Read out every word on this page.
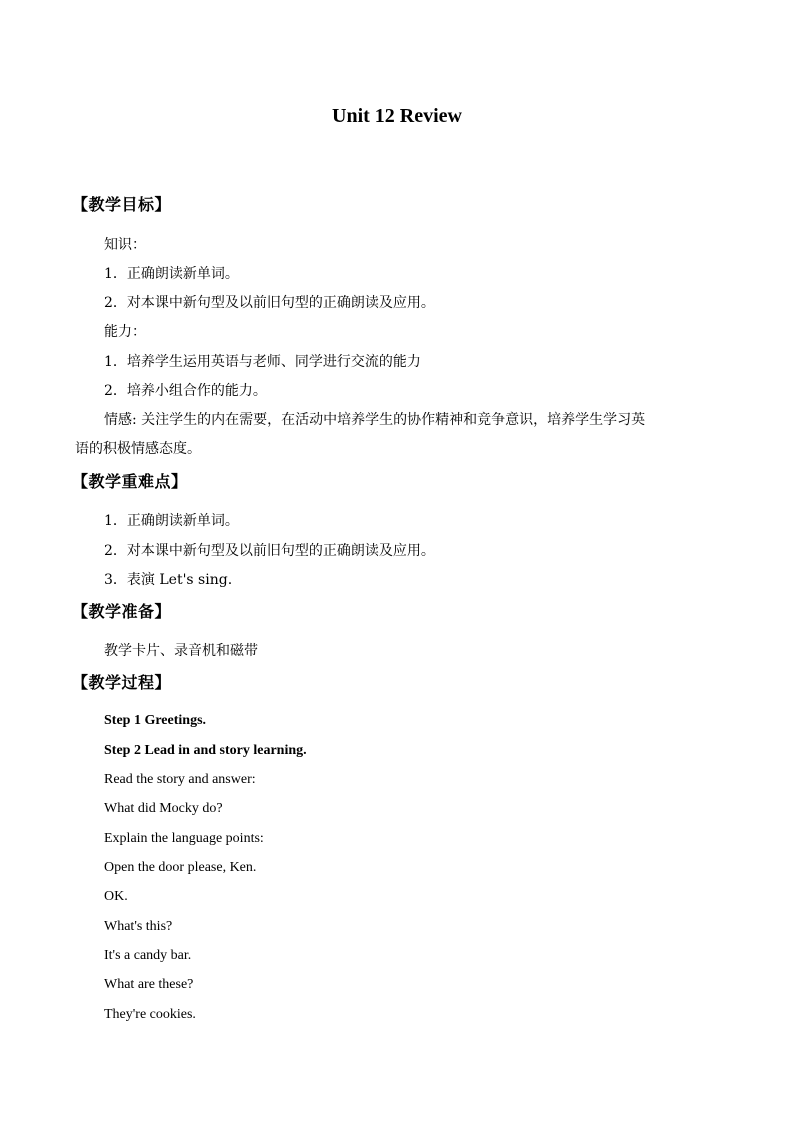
Unit 12 Review
【教学目标】
知识：
1．正确朗读新单词。
2．对本课中新句型及以前旧句型的正确朗读及应用。
能力：
1．培养学生运用英语与老师、同学进行交流的能力
2．培养小组合作的能力。
情感: 关注学生的内在需要，在活动中培养学生的协作精神和竞争意识，培养学生学习英
语的积极情感态度。
【教学重难点】
1．正确朗读新单词。
2．对本课中新句型及以前旧句型的正确朗读及应用。
3．表演 Let's sing.
【教学准备】
教学卡片、录音机和磁带
【教学过程】
Step 1 Greetings.
Step 2 Lead in and story learning.
Read the story and answer:
What did Mocky do?
Explain the language points:
Open the door please, Ken.
OK.
What's this?
It's a candy bar.
What are these?
They're cookies.
